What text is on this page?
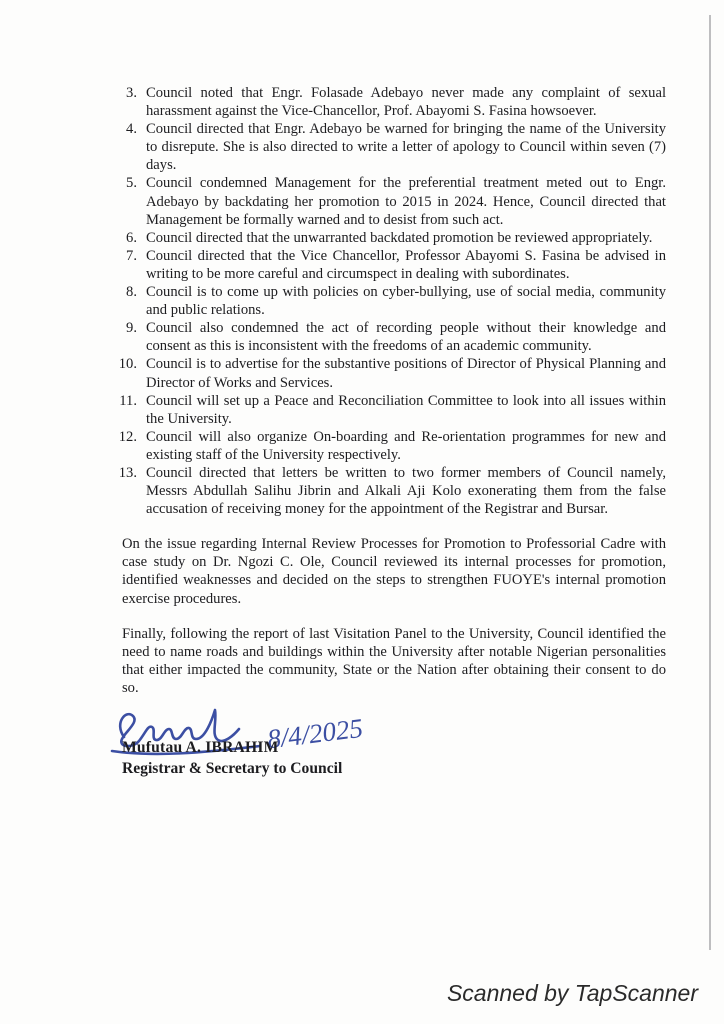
3. Council noted that Engr. Folasade Adebayo never made any complaint of sexual harassment against the Vice-Chancellor, Prof. Abayomi S. Fasina howsoever.
4. Council directed that Engr. Adebayo be warned for bringing the name of the University to disrepute. She is also directed to write a letter of apology to Council within seven (7) days.
5. Council condemned Management for the preferential treatment meted out to Engr. Adebayo by backdating her promotion to 2015 in 2024. Hence, Council directed that Management be formally warned and to desist from such act.
6. Council directed that the unwarranted backdated promotion be reviewed appropriately.
7. Council directed that the Vice Chancellor, Professor Abayomi S. Fasina be advised in writing to be more careful and circumspect in dealing with subordinates.
8. Council is to come up with policies on cyber-bullying, use of social media, community and public relations.
9. Council also condemned the act of recording people without their knowledge and consent as this is inconsistent with the freedoms of an academic community.
10. Council is to advertise for the substantive positions of Director of Physical Planning and Director of Works and Services.
11. Council will set up a Peace and Reconciliation Committee to look into all issues within the University.
12. Council will also organize On-boarding and Re-orientation programmes for new and existing staff of the University respectively.
13. Council directed that letters be written to two former members of Council namely, Messrs Abdullah Salihu Jibrin and Alkali Aji Kolo exonerating them from the false accusation of receiving money for the appointment of the Registrar and Bursar.
On the issue regarding Internal Review Processes for Promotion to Professorial Cadre with case study on Dr. Ngozi C. Ole, Council reviewed its internal processes for promotion, identified weaknesses and decided on the steps to strengthen FUOYE's internal promotion exercise procedures.
Finally, following the report of last Visitation Panel to the University, Council identified the need to name roads and buildings within the University after notable Nigerian personalities that either impacted the community, State or the Nation after obtaining their consent to do so.
8/4/2025
Mufutau A. IBRAHIM
Registrar & Secretary to Council
Scanned by TapScanner
